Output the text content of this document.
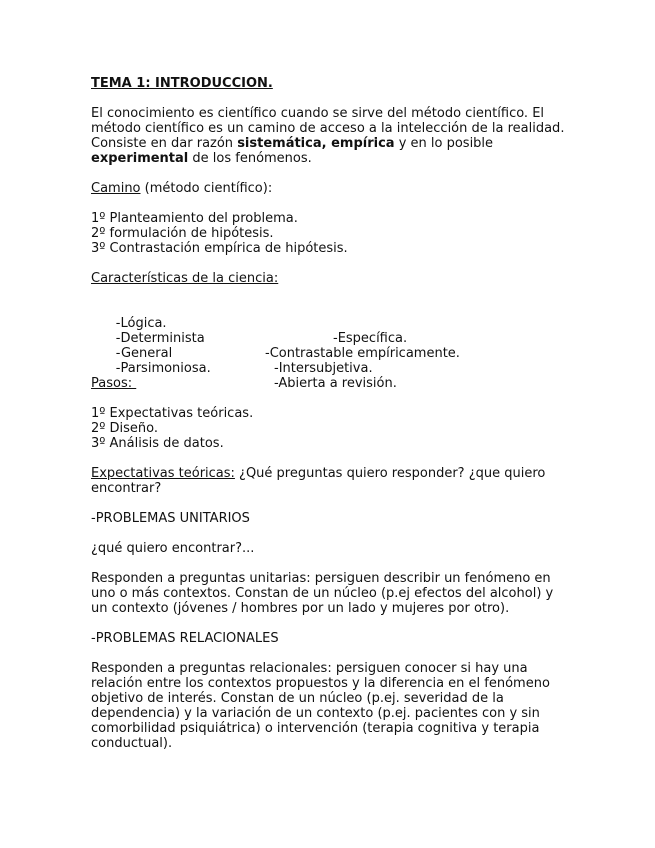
TEMA 1: INTRODUCCION.
El conocimiento es científico cuando se sirve del método científico. El
método científico es un camino de acceso a la intelección de la realidad.
Consiste en dar razón sistemática, empírica y en lo posible
experimental de los fenómenos.
Camino (método científico):
1º Planteamiento del problema.
2º formulación de hipótesis.
3º Contrastación empírica de hipótesis.
Características de la ciencia:

-Lógica.

-Específica.

-Determinista

-Contrastable empíricamente.

-General

-Intersubjetiva.

-Parsimoniosa.

-Abierta a revisión.

Pasos:
1º Expectativas teóricas.
2º Diseño.
3º Análisis de datos.
Expectativas teóricas: ¿Qué preguntas quiero responder? ¿que quiero
encontrar?
-PROBLEMAS UNITARIOS
¿qué quiero encontrar?...
Responden a preguntas unitarias: persiguen describir un fenómeno en
uno o más contextos. Constan de un núcleo (p.ej efectos del alcohol) y
un contexto (jóvenes / hombres por un lado y mujeres por otro).
-PROBLEMAS RELACIONALES
Responden a preguntas relacionales: persiguen conocer si hay una
relación entre los contextos propuestos y la diferencia en el fenómeno
objetivo de interés. Constan de un núcleo (p.ej. severidad de la
dependencia) y la variación de un contexto (p.ej. pacientes con y sin
comorbilidad psiquiátrica) o intervención (terapia cognitiva y terapia
conductual).
